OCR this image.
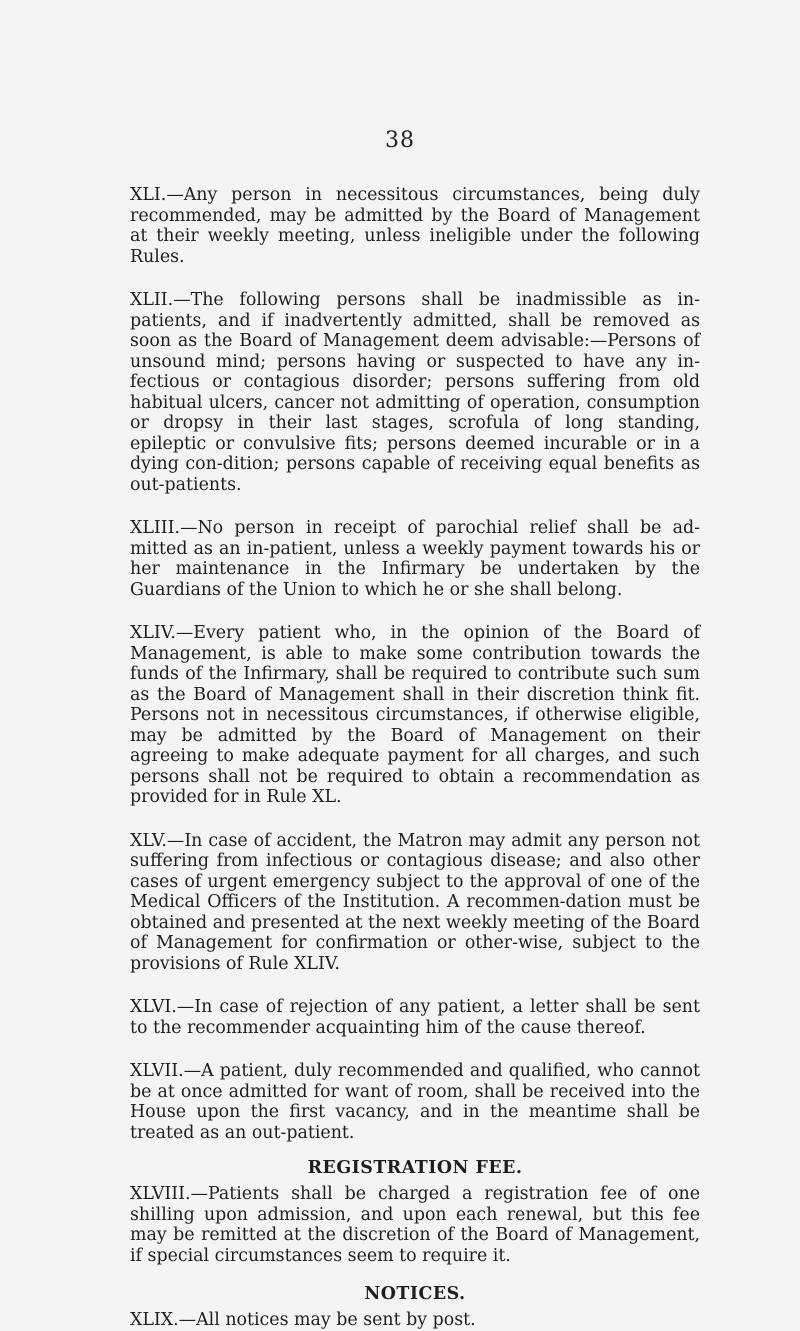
38

XLI.—Any person in necessitous circumstances, being duly recommended, may be admitted by the Board of Management at their weekly meeting, unless ineligible under the following Rules.

XLII.—The following persons shall be inadmissible as in-patients, and if inadvertently admitted, shall be removed as soon as the Board of Management deem advisable:—Persons of unsound mind; persons having or suspected to have any in-fectious or contagious disorder; persons suffering from old habitual ulcers, cancer not admitting of operation, consumption or dropsy in their last stages, scrofula of long standing, epileptic or convulsive fits; persons deemed incurable or in a dying con-dition; persons capable of receiving equal benefits as out-patients.

XLIII.—No person in receipt of parochial relief shall be ad-mitted as an in-patient, unless a weekly payment towards his or her maintenance in the Infirmary be undertaken by the Guardians of the Union to which he or she shall belong.

XLIV.—Every patient who, in the opinion of the Board of Management, is able to make some contribution towards the funds of the Infirmary, shall be required to contribute such sum as the Board of Management shall in their discretion think fit. Persons not in necessitous circumstances, if otherwise eligible, may be admitted by the Board of Management on their agreeing to make adequate payment for all charges, and such persons shall not be required to obtain a recommendation as provided for in Rule XL.

XLV.—In case of accident, the Matron may admit any person not suffering from infectious or contagious disease; and also other cases of urgent emergency subject to the approval of one of the Medical Officers of the Institution. A recommen-dation must be obtained and presented at the next weekly meeting of the Board of Management for confirmation or other-wise, subject to the provisions of Rule XLIV.

XLVI.—In case of rejection of any patient, a letter shall be sent to the recommender acquainting him of the cause thereof.

XLVII.—A patient, duly recommended and qualified, who cannot be at once admitted for want of room, shall be received into the House upon the first vacancy, and in the meantime shall be treated as an out-patient.

REGISTRATION FEE.

XLVIII.—Patients shall be charged a registration fee of one shilling upon admission, and upon each renewal, but this fee may be remitted at the discretion of the Board of Management, if special circumstances seem to require it.

NOTICES.

XLIX.—All notices may be sent by post.
